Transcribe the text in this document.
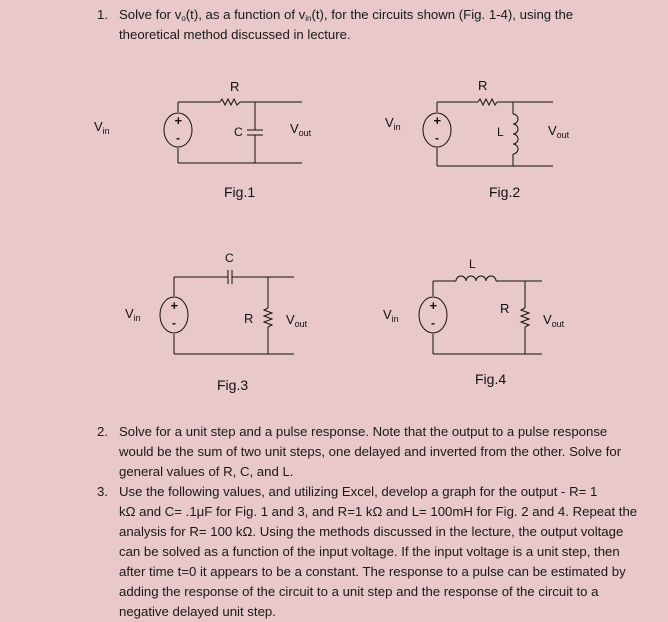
1. Solve for $v_o(t)$, as a function of $v_{in}(t)$, for the circuits shown (Fig. 1-4), using the
theoretical method discussed in lecture.
$V_{in}$
+
-
R
C	$V_{out}$
Fig.1
$V_{in}$	+
-
R
L	$V_{out}$
Fig.2
$V_{in}$
+
-
C
R	$V_{out}$
Fig.3
$V_{in}$
+
-
L
R
$V_{out}$
Fig.4
2. Solve for a unit step and a pulse response. Note that the output to a pulse response
would be the sum of two unit steps, one delayed and inverted from the other. Solve for
general values of R, C, and L.
3. Use the following values, and utilizing Excel, develop a graph for the output - R= 1
kΩ and C= .1μF for Fig. 1 and 3, and R=1 kΩ and L= 100mH for Fig. 2 and 4. Repeat the
analysis for R= 100 kΩ. Using the methods discussed in the lecture, the output voltage
can be solved as a function of the input voltage. If the input voltage is a unit step, then
after time t=0 it appears to be a constant. The response to a pulse can be estimated by
adding the response of the circuit to a unit step and the response of the circuit to a
negative delayed unit step.
